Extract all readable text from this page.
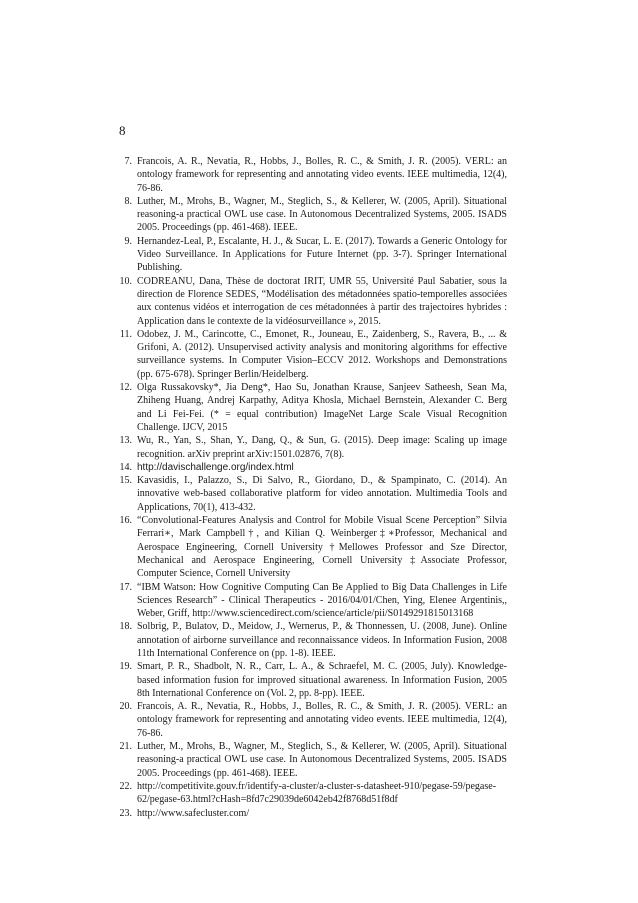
8
7. Francois, A. R., Nevatia, R., Hobbs, J., Bolles, R. C., & Smith, J. R. (2005). VERL: an ontology framework for representing and annotating video events. IEEE multimedia, 12(4), 76-86.
8. Luther, M., Mrohs, B., Wagner, M., Steglich, S., & Kellerer, W. (2005, April). Situational reasoning-a practical OWL use case. In Autonomous Decentralized Systems, 2005. ISADS 2005. Proceedings (pp. 461-468). IEEE.
9. Hernandez-Leal, P., Escalante, H. J., & Sucar, L. E. (2017). Towards a Generic Ontology for Video Surveillance. In Applications for Future Internet (pp. 3-7). Springer International Publishing.
10. CODREANU, Dana, Thèse de doctorat IRIT, UMR 55, Université Paul Sabatier, sous la direction de Florence SEDES, “Modélisation des métadonnées spatio-temporelles associées aux contenus vidéos et interrogation de ces métadonnées à partir des trajectoires hybrides : Application dans le contexte de la vidéosurveillance », 2015.
11. Odobez, J. M., Carincotte, C., Emonet, R., Jouneau, E., Zaidenberg, S., Ravera, B., ... & Grifoni, A. (2012). Unsupervised activity analysis and monitoring algorithms for effective surveillance systems. In Computer Vision–ECCV 2012. Workshops and Demonstrations (pp. 675-678). Springer Berlin/Heidelberg.
12. Olga Russakovsky*, Jia Deng*, Hao Su, Jonathan Krause, Sanjeev Satheesh, Sean Ma, Zhiheng Huang, Andrej Karpathy, Aditya Khosla, Michael Bernstein, Alexander C. Berg and Li Fei-Fei. (* = equal contribution) ImageNet Large Scale Visual Recognition Challenge. IJCV, 2015
13. Wu, R., Yan, S., Shan, Y., Dang, Q., & Sun, G. (2015). Deep image: Scaling up image recognition. arXiv preprint arXiv:1501.02876, 7(8).
14. http://davischallenge.org/index.html
15. Kavasidis, I., Palazzo, S., Di Salvo, R., Giordano, D., & Spampinato, C. (2014). An innovative web-based collaborative platform for video annotation. Multimedia Tools and Applications, 70(1), 413-432.
16. “Convolutional-Features Analysis and Control for Mobile Visual Scene Perception” Silvia Ferrari∗, Mark Campbell†, and Kilian Q. Weinberger‡∗Professor, Mechanical and Aerospace Engineering, Cornell University †Mellowes Professor and Sze Director, Mechanical and Aerospace Engineering, Cornell University ‡Associate Professor, Computer Science, Cornell University
17. “IBM Watson: How Cognitive Computing Can Be Applied to Big Data Challenges in Life Sciences Research” - Clinical Therapeutics - 2016/04/01/Chen, Ying, Elenee Argentinis,, Weber, Griff, http://www.sciencedirect.com/science/article/pii/S0149291815013168
18. Solbrig, P., Bulatov, D., Meidow, J., Wernerus, P., & Thonnessen, U. (2008, June). Online annotation of airborne surveillance and reconnaissance videos. In Information Fusion, 2008 11th International Conference on (pp. 1-8). IEEE.
19. Smart, P. R., Shadbolt, N. R., Carr, L. A., & Schraefel, M. C. (2005, July). Knowledge-based information fusion for improved situational awareness. In Information Fusion, 2005 8th International Conference on (Vol. 2, pp. 8-pp). IEEE.
20. Francois, A. R., Nevatia, R., Hobbs, J., Bolles, R. C., & Smith, J. R. (2005). VERL: an ontology framework for representing and annotating video events. IEEE multimedia, 12(4), 76-86.
21. Luther, M., Mrohs, B., Wagner, M., Steglich, S., & Kellerer, W. (2005, April). Situational reasoning-a practical OWL use case. In Autonomous Decentralized Systems, 2005. ISADS 2005. Proceedings (pp. 461-468). IEEE.
22. http://competitivite.gouv.fr/identify-a-cluster/a-cluster-s-datasheet-910/pegase-59/pegase-62/pegase-63.html?cHash=8fd7c29039de6042eb42f8768d51f8df
23. http://www.safecluster.com/
